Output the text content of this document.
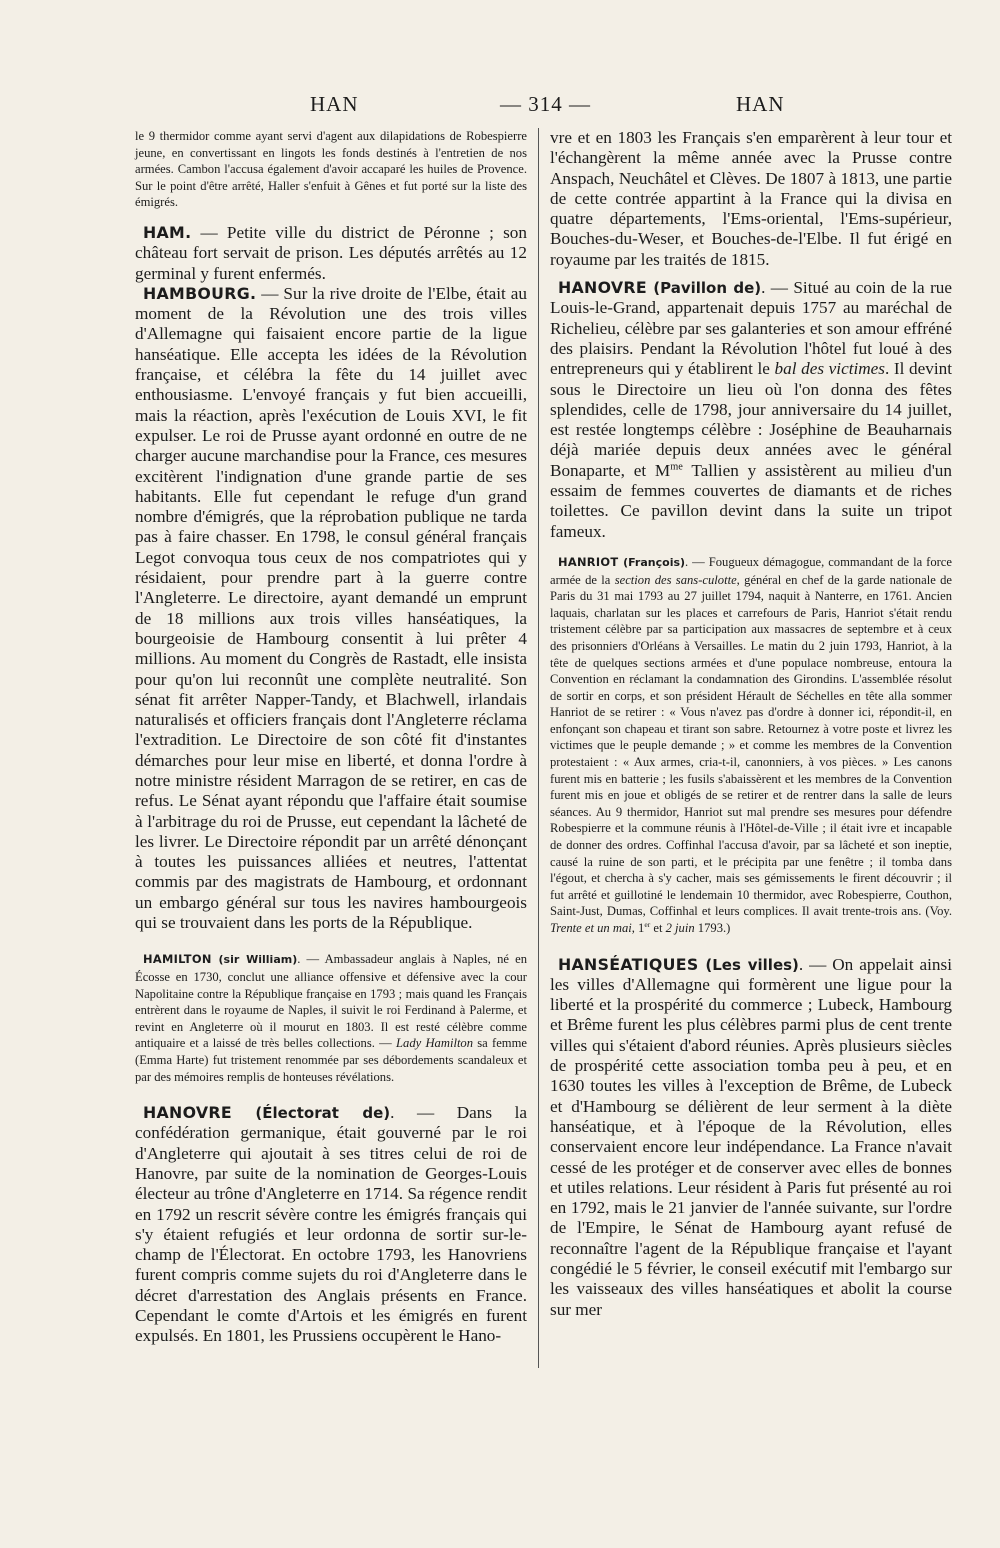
HAN	— 314 —	HAN

le 9 thermidor comme ayant servi d'agent aux dilapidations de Robespierre jeune, en convertissant en lingots les fonds destinés à l'entretien de nos armées. Cambon l'accusa également d'avoir accaparé les huiles de Provence. Sur le point d'être arrêté, Haller s'enfuit à Gênes et fut porté sur la liste des émigrés.

HAM. — Petite ville du district de Péronne ; son château fort servait de prison. Les députés arrêtés au 12 germinal y furent enfermés.

HAMBOURG. — Sur la rive droite de l'Elbe, était au moment de la Révolution une des trois villes d'Allemagne qui faisaient encore partie de la ligue hanséatique. Elle accepta les idées de la Révolution française, et célébra la fête du 14 juillet avec enthousiasme. L'envoyé français y fut bien accueilli, mais la réaction, après l'exécution de Louis XVI, le fit expulser. Le roi de Prusse ayant ordonné en outre de ne charger aucune marchandise pour la France, ces mesures excitèrent l'indignation d'une grande partie de ses habitants. Elle fut cependant le refuge d'un grand nombre d'émigrés, que la réprobation publique ne tarda pas à faire chasser. En 1798, le consul général français Legot convoqua tous ceux de nos compatriotes qui y résidaient, pour prendre part à la guerre contre l'Angleterre. Le directoire, ayant demandé un emprunt de 18 millions aux trois villes hanséatiques, la bourgeoisie de Hambourg consentit à lui prêter 4 millions. Au moment du Congrès de Rastadt, elle insista pour qu'on lui reconnût une complète neutralité. Son sénat fit arrêter Napper-Tandy, et Blachwell, irlandais naturalisés et officiers français dont l'Angleterre réclama l'extradition. Le Directoire de son côté fit d'instantes démarches pour leur mise en liberté, et donna l'ordre à notre ministre résident Marragon de se retirer, en cas de refus. Le Sénat ayant répondu que l'affaire était soumise à l'arbitrage du roi de Prusse, eut cependant la lâcheté de les livrer. Le Directoire répondit par un arrêté dénonçant à toutes les puissances alliées et neutres, l'attentat commis par des magistrats de Hambourg, et ordonnant un embargo général sur tous les navires hambourgeois qui se trouvaient dans les ports de la République.

HAMILTON (sir William). — Ambassadeur anglais à Naples, né en Écosse en 1730, conclut une alliance offensive et défensive avec la cour Napolitaine contre la République française en 1793 ; mais quand les Français entrèrent dans le royaume de Naples, il suivit le roi Ferdinand à Palerme, et revint en Angleterre où il mourut en 1803. Il est resté célèbre comme antiquaire et a laissé de très belles collections. — Lady Hamilton sa femme (Emma Harte) fut tristement renommée par ses débordements scandaleux et par des mémoires remplis de honteuses révélations.

HANOVRE (Électorat de). — Dans la confédération germanique, était gouverné par le roi d'Angleterre qui ajoutait à ses titres celui de roi de Hanovre, par suite de la nomination de Georges-Louis électeur au trône d'Angleterre en 1714. Sa régence rendit en 1792 un rescrit sévère contre les émigrés français qui s'y étaient refugiés et leur ordonna de sortir sur-le-champ de l'Électorat. En octobre 1793, les Hanovriens furent compris comme sujets du roi d'Angleterre dans le décret d'arrestation des Anglais présents en France. Cependant le comte d'Artois et les émigrés en furent expulsés. En 1801, les Prussiens occupèrent le Hano-

vre et en 1803 les Français s'en emparèrent à leur tour et l'échangèrent la même année avec la Prusse contre Anspach, Neuchâtel et Clèves. De 1807 à 1813, une partie de cette contrée appartint à la France qui la divisa en quatre départements, l'Ems-oriental, l'Ems-supérieur, Bouches-du-Weser, et Bouches-de-l'Elbe. Il fut érigé en royaume par les traités de 1815.

HANOVRE (Pavillon de). — Situé au coin de la rue Louis-le-Grand, appartenait depuis 1757 au maréchal de Richelieu, célèbre par ses galanteries et son amour effréné des plaisirs. Pendant la Révolution l'hôtel fut loué à des entrepreneurs qui y établirent le bal des victimes. Il devint sous le Directoire un lieu où l'on donna des fêtes splendides, celle de 1798, jour anniversaire du 14 juillet, est restée longtemps célèbre : Joséphine de Beauharnais déjà mariée depuis deux années avec le général Bonaparte, et $M^{me}$ Tallien y assistèrent au milieu d'un essaim de femmes couvertes de diamants et de riches toilettes. Ce pavillon devint dans la suite un tripot fameux.

HANRIOT (François). — Fougueux démagogue, commandant de la force armée de la section des sans-culotte, général en chef de la garde nationale de Paris du 31 mai 1793 au 27 juillet 1794, naquit à Nanterre, en 1761. Ancien laquais, charlatan sur les places et carrefours de Paris, Hanriot s'était rendu tristement célèbre par sa participation aux massacres de septembre et à ceux des prisonniers d'Orléans à Versailles. Le matin du 2 juin 1793, Hanriot, à la tête de quelques sections armées et d'une populace nombreuse, entoura la Convention en réclamant la condamnation des Girondins. L'assemblée résolut de sortir en corps, et son président Hérault de Séchelles en tête alla sommer Hanriot de se retirer : « Vous n'avez pas d'ordre à donner ici, répondit-il, en enfonçant son chapeau et tirant son sabre. Retournez à votre poste et livrez les victimes que le peuple demande ; » et comme les membres de la Convention protestaient : « Aux armes, cria-t-il, canonniers, à vos pièces. » Les canons furent mis en batterie ; les fusils s'abaissèrent et les membres de la Convention furent mis en joue et obligés de se retirer et de rentrer dans la salle de leurs séances. Au 9 thermidor, Hanriot sut mal prendre ses mesures pour défendre Robespierre et la commune réunis à l'Hôtel-de-Ville ; il était ivre et incapable de donner des ordres. Coffinhal l'accusa d'avoir, par sa lâcheté et son ineptie, causé la ruine de son parti, et le précipita par une fenêtre ; il tomba dans l'égout, et chercha à s'y cacher, mais ses gémissements le firent découvrir ; il fut arrêté et guillotiné le lendemain 10 thermidor, avec Robespierre, Couthon, Saint-Just, Dumas, Coffinhal et leurs complices. Il avait trente-trois ans. (Voy. Trente et un mai, 1er et 2 juin 1793.)

HANSÉATIQUES (Les villes). — On appelait ainsi les villes d'Allemagne qui formèrent une ligue pour la liberté et la prospérité du commerce ; Lubeck, Hambourg et Brême furent les plus célèbres parmi plus de cent trente villes qui s'étaient d'abord réunies. Après plusieurs siècles de prospérité cette association tomba peu à peu, et en 1630 toutes les villes à l'exception de Brême, de Lubeck et d'Hambourg se délièrent de leur serment à la diète hanséatique, et à l'époque de la Révolution, elles conservaient encore leur indépendance. La France n'avait cessé de les protéger et de conserver avec elles de bonnes et utiles relations. Leur résident à Paris fut présenté au roi en 1792, mais le 21 janvier de l'année suivante, sur l'ordre de l'Empire, le Sénat de Hambourg ayant refusé de reconnaître l'agent de la République française et l'ayant congédié le 5 février, le conseil exécutif mit l'embargo sur les vaisseaux des villes hanséatiques et abolit la course sur mer
